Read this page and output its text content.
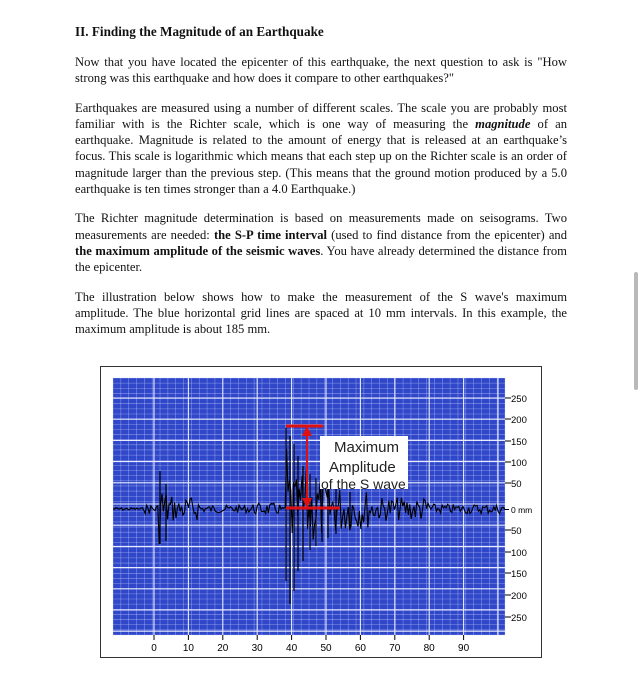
II. Finding the Magnitude of an Earthquake

Now that you have located the epicenter of this earthquake, the next question to ask is "How strong was this earthquake and how does it compare to other earthquakes?"

Earthquakes are measured using a number of different scales. The scale you are probably most familiar with is the Richter scale, which is one way of measuring the magnitude of an earthquake. Magnitude is related to the amount of energy that is released at an earthquake’s focus. This scale is logarithmic which means that each step up on the Richter scale is an order of magnitude larger than the previous step. (This means that the ground motion produced by a 5.0 earthquake is ten times stronger than a 4.0 Earthquake.)

The Richter magnitude determination is based on measurements made on seisograms. Two measurements are needed: the S-P time interval (used to find distance from the epicenter) and the maximum amplitude of the seismic waves. You have already determined the distance from the epicenter.

The illustration below shows how to make the measurement of the S wave's maximum amplitude. The blue horizontal grid lines are spaced at 10 mm intervals. In this example, the maximum amplitude is about 185 mm.

Maximum
Amplitude
of the S wave
250
200
150
100
50
50
100
150
200
250
0 mm
0	10 20 30 40 50 60 70 80 90
